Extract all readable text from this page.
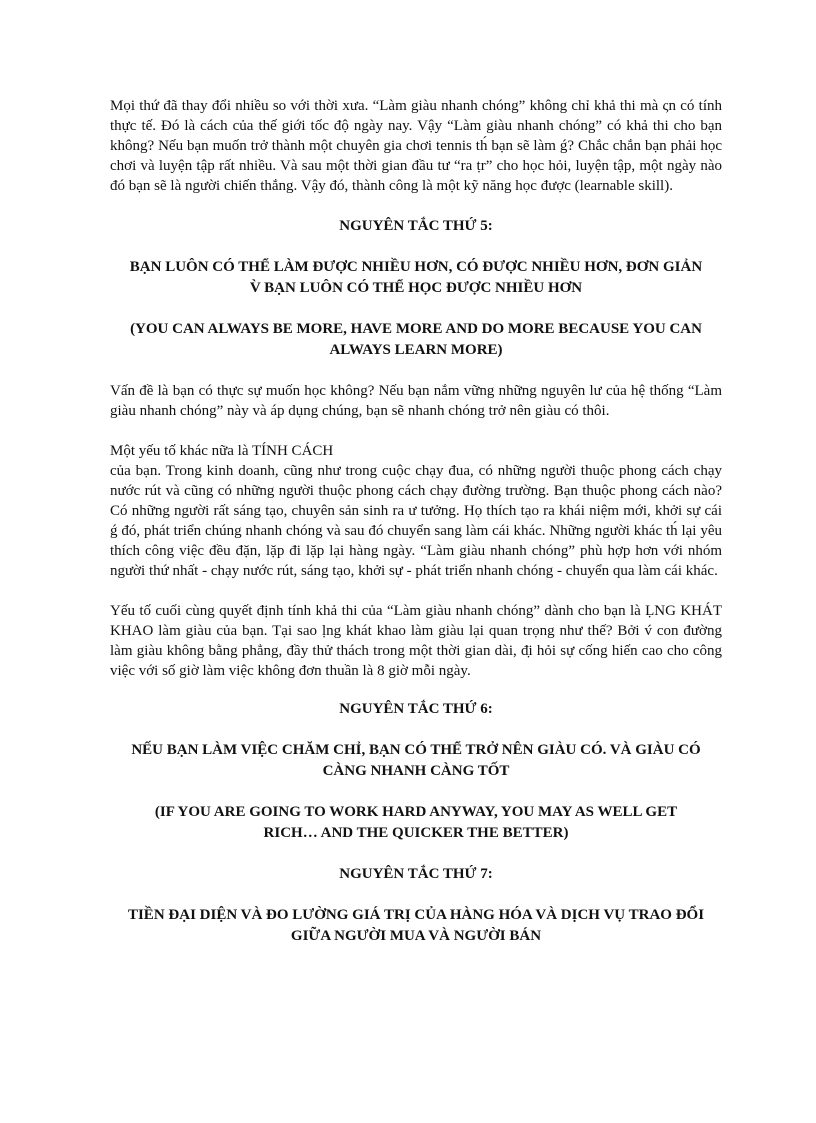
Mọi thứ đã thay đổi nhiều so với thời xưa. “Làm giàu nhanh chóng” không chỉ khả thi mà ςn có tính thực tế. Đó là cách của thế giới tốc độ ngày nay. Vậy “Làm giàu nhanh chóng” có khả thi cho bạn không? Nếu bạn muốn trở thành một chuyên gia chơi tennis th́ bạn sẽ làm ǵ? Chắc chắn bạn phải học chơi và luyện tập rất nhiều. Và sau một thời gian đầu tư “ra ṭr” cho học hỏi, luyện tập, một ngày nào đó bạn sẽ là người chiến thắng. Vậy đó, thành công là một kỹ năng học được (learnable skill).

NGUYÊN TẮC THỨ 5:
BẠN LUÔN CÓ THỂ LÀM ĐƯỢC NHIỀU HƠN, CÓ ĐƯỢC NHIỀU HƠN, ĐƠN GIẢN
V̀ BẠN LUÔN CÓ THỂ HỌC ĐƯỢC NHIỀU HƠN
(YOU CAN ALWAYS BE MORE, HAVE MORE AND DO MORE BECAUSE YOU CAN
ALWAYS LEARN MORE)

Vấn đề là bạn có thực sự muốn học không? Nếu bạn nắm vững những nguyên lư của hệ thống “Làm giàu nhanh chóng” này và áp dụng chúng, bạn sẽ nhanh chóng trở nên giàu có thôi.

Một yếu tố khác nữa là TÍNH CÁCH
của bạn. Trong kinh doanh, cũng như trong cuộc chạy đua, có những người thuộc phong cách chạy nước rút và cũng có những người thuộc phong cách chạy đường trường. Bạn thuộc phong cách nào? Có những người rất sáng tạo, chuyên sản sinh ra ư tưởng. Họ thích tạo ra khái niệm mới, khởi sự cái ǵ đó, phát triển chúng nhanh chóng và sau đó chuyển sang làm cái khác. Những người khác th́ lại yêu thích công việc đều đặn, lặp đi lặp lại hàng ngày. “Làm giàu nhanh chóng” phù hợp hơn với nhóm người thứ nhất - chạy nước rút, sáng tạo, khởi sự - phát triển nhanh chóng - chuyển qua làm cái khác.

Yếu tố cuối cùng quyết định tính khả thi của “Làm giàu nhanh chóng” dành cho bạn là ḶNG KHÁT KHAO làm giàu của bạn. Tại sao ḷng khát khao làm giàu lại quan trọng như thế? Bởi v́ con đường làm giàu không bằng phẳng, đầy thử thách trong một thời gian dài, đ̣i hỏi sự cống hiến cao cho công việc với số giờ làm việc không đơn thuần là 8 giờ mỗi ngày.

NGUYÊN TẮC THỨ 6:
NẾU BẠN LÀM VIỆC CHĂM CHỈ, BẠN CÓ THỂ TRỞ NÊN GIÀU CÓ. VÀ GIÀU CÓ
CÀNG NHANH CÀNG TỐT
(IF YOU ARE GOING TO WORK HARD ANYWAY, YOU MAY AS WELL GET
RICH… AND THE QUICKER THE BETTER)
NGUYÊN TẮC THỨ 7:
TIỀN ĐẠI DIỆN VÀ ĐO LƯỜNG GIÁ TRỊ CỦA HÀNG HÓA VÀ DỊCH VỤ TRAO ĐỔI
GIỮA NGƯỜI MUA VÀ NGƯỜI BÁN
